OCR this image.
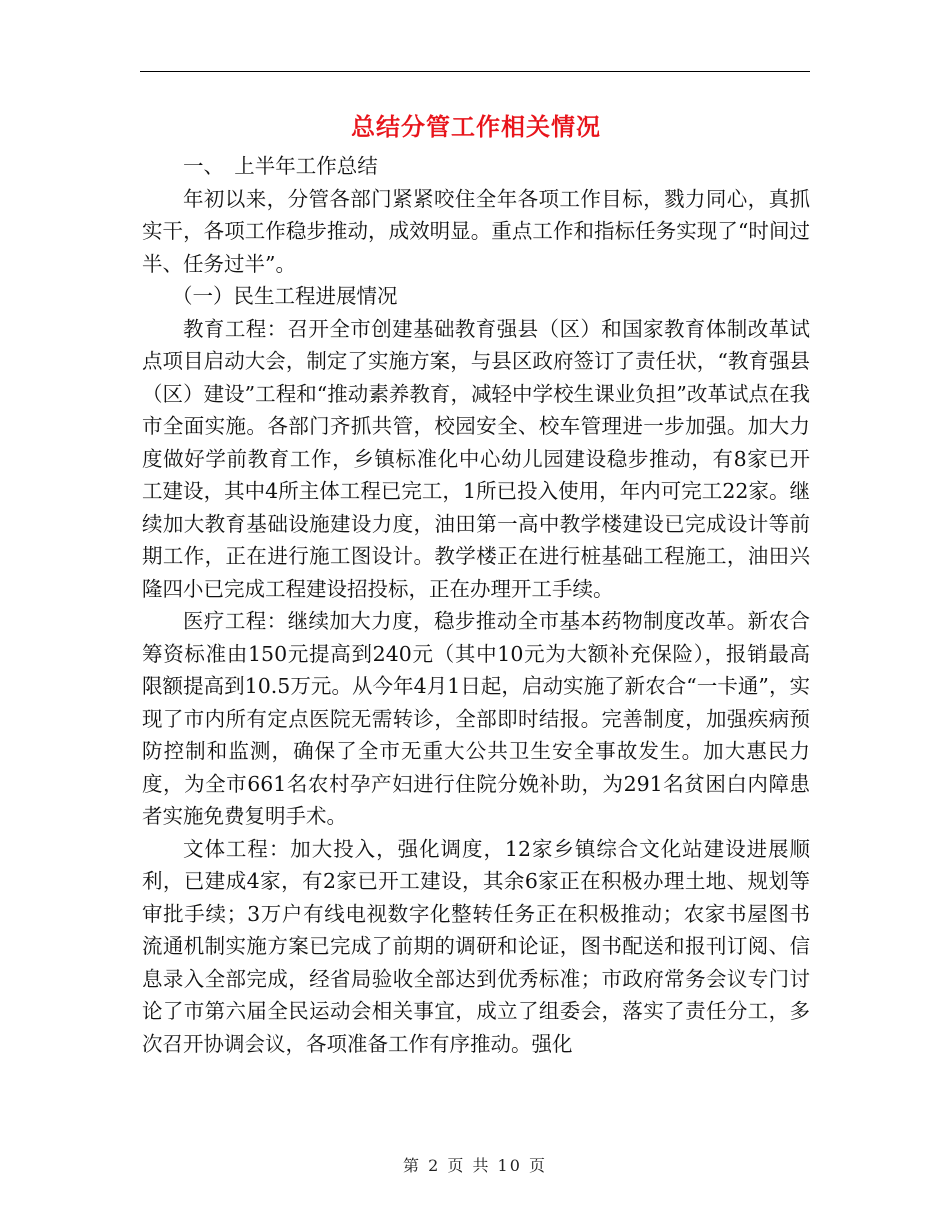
总结分管工作相关情况

一、　上半年工作总结

年初以来，分管各部门紧紧咬住全年各项工作目标，戮力同心，真抓实干，各项工作稳步推动，成效明显。重点工作和指标任务实现了“时间过半、任务过半”。

（一）民生工程进展情况

教育工程：召开全市创建基础教育强县（区）和国家教育体制改革试点项目启动大会，制定了实施方案，与县区政府签订了责任状，“教育强县（区）建设”工程和“推动素养教育，减轻中学校生课业负担”改革试点在我市全面实施。各部门齐抓共管，校园安全、校车管理进一步加强。加大力度做好学前教育工作，乡镇标准化中心幼儿园建设稳步推动，有8家已开工建设，其中4所主体工程已完工，1所已投入使用，年内可完工22家。继续加大教育基础设施建设力度，油田第一高中教学楼建设已完成设计等前期工作，正在进行施工图设计。教学楼正在进行桩基础工程施工，油田兴隆四小已完成工程建设招投标，正在办理开工手续。

医疗工程：继续加大力度，稳步推动全市基本药物制度改革。新农合筹资标准由150元提高到240元（其中10元为大额补充保险），报销最高限额提高到10.5万元。从今年4月1日起，启动实施了新农合“一卡通”，实现了市内所有定点医院无需转诊，全部即时结报。完善制度，加强疾病预防控制和监测，确保了全市无重大公共卫生安全事故发生。加大惠民力度，为全市661名农村孕产妇进行住院分娩补助，为291名贫困白内障患者实施免费复明手术。

文体工程：加大投入，强化调度，12家乡镇综合文化站建设进展顺利，已建成4家，有2家已开工建设，其余6家正在积极办理土地、规划等审批手续；3万户有线电视数字化整转任务正在积极推动；农家书屋图书流通机制实施方案已完成了前期的调研和论证，图书配送和报刊订阅、信息录入全部完成，经省局验收全部达到优秀标准；市政府常务会议专门讨论了市第六届全民运动会相关事宜，成立了组委会，落实了责任分工，多次召开协调会议，各项准备工作有序推动。强化

第 2 页 共 10 页
